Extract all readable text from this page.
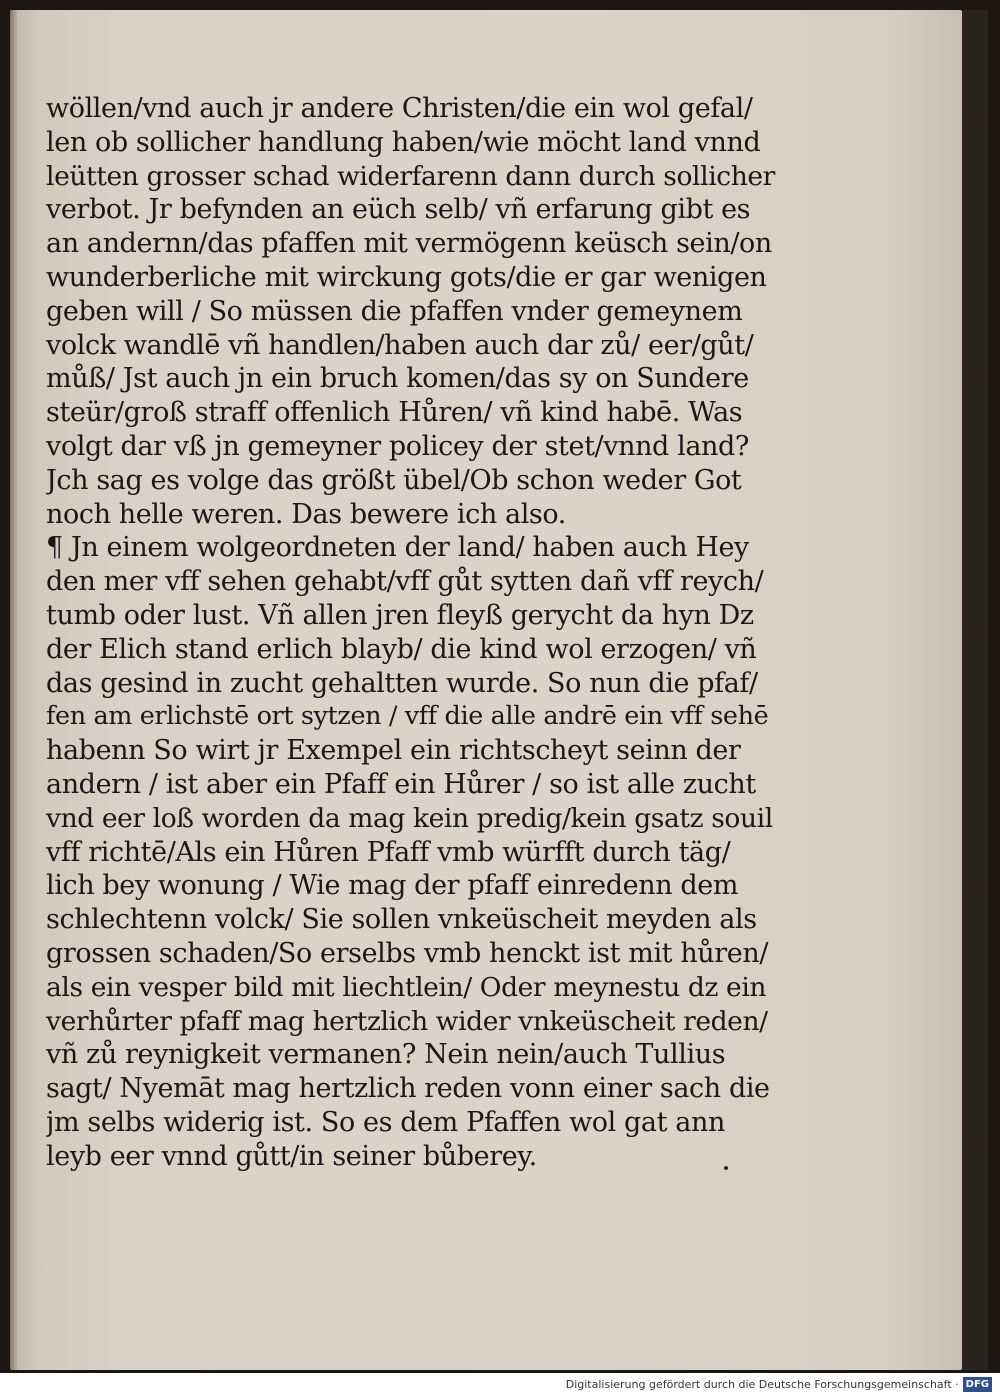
wöllen/vnd auch jr andere Christen/die ein wol gefal/
len ob sollicher handlung haben/wie möcht land vnnd
leütten grosser schad widerfarenn dann durch sollicher
verbot. Jr befynden an eüch selb/ vñ erfarung gibt es
an andernn/das pfaffen mit vermögenn keüsch sein/on
wunderberliche mit wirckung gots/die er gar wenigen
geben will / So müssen die pfaffen vnder gemeynem
volck wandlē vñ handlen/haben auch dar zů/ eer/gůt/
můß/ Jst auch jn ein bruch komen/das sy on Sundere
steür/groß straff offenlich Hůren/ vñ kind habē. Was
volgt dar vß jn gemeyner policey der stet/vnnd land?
Jch sag es volge das größt übel/Ob schon weder Got
noch helle weren. Das bewere ich also.
¶ Jn einem wolgeordneten der land/ haben auch Hey
den mer vff sehen gehabt/vff gůt sytten dañ vff reych/
tumb oder lust. Vñ allen jren fleyß gerycht da hyn Dz
der Elich stand erlich blayb/ die kind wol erzogen/ vñ
das gesind in zucht gehaltten wurde. So nun die pfaf/
fen am erlichstē ort sytzen / vff die alle andrē ein vff sehē
habenn So wirt jr Exempel ein richtscheyt seinn der
andern / ist aber ein Pfaff ein Hůrer / so ist alle zucht
vnd eer loß worden da mag kein predig/kein gsatz souil
vff richtē/Als ein Hůren Pfaff vmb würfft durch täg/
lich bey wonung / Wie mag der pfaff einredenn dem
schlechtenn volck/ Sie sollen vnkeüscheit meyden als
grossen schaden/So erselbs vmb henckt ist mit hůren/
als ein vesper bild mit liechtlein/ Oder meynestu dz ein
verhůrter pfaff mag hertzlich wider vnkeüscheit reden/
vñ zů reynigkeit vermanen? Nein nein/auch Tullius
sagt/ Nyemāt mag hertzlich reden vonn einer sach die
jm selbs widerig ist. So es dem Pfaffen wol gat ann
leyb eer vnnd gůtt/in seiner bůberey.
Digitalisierung gefördert durch die Deutsche Forschungsgemeinschaft · DFG
